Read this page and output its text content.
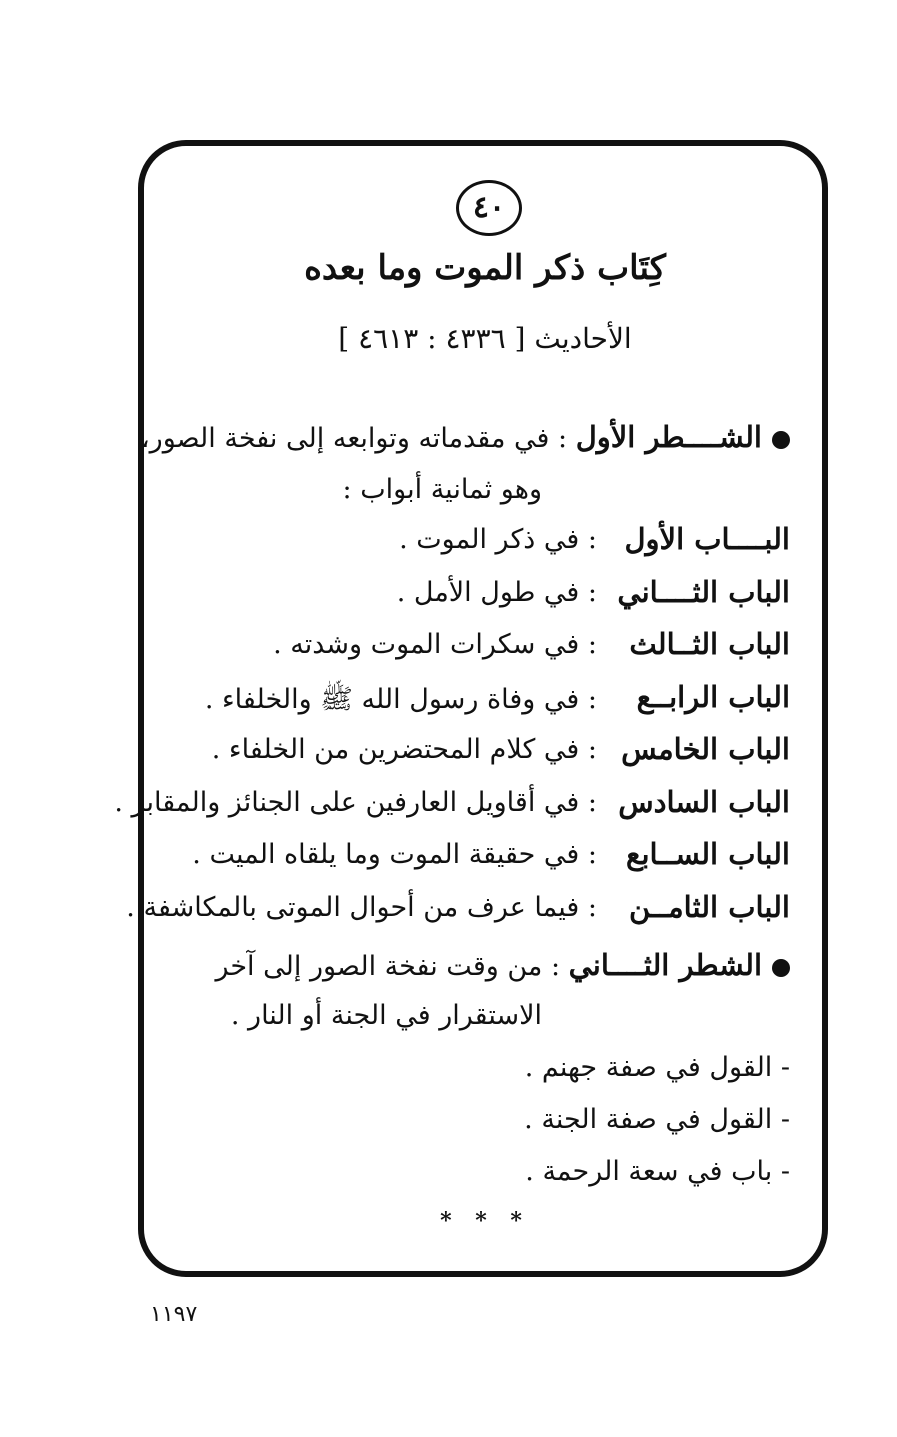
٤٠
كِتَاب ذكر الموت وما بعده
الأحاديث [ ٤٣٣٦ : ٤٦١٣ ]
الشــــطر الأول : في مقدماته وتوابعه إلى نفخة الصور،
وهو ثمانية أبواب :
البــــاب الأول
: في ذكر الموت .
الباب الثــــاني
: في طول الأمل .
الباب الثــالث
: في سكرات الموت وشدته .
الباب الرابــع
: في وفاة رسول الله ﷺ والخلفاء .
الباب الخامس
: في كلام المحتضرين من الخلفاء .
الباب السادس
: في أقاويل العارفين على الجنائز والمقابر .
الباب الســابع
: في حقيقة الموت وما يلقاه الميت .
الباب الثامــن
: فيما عرف من أحوال الموتى بالمكاشفة .
الشطر الثــــاني : من وقت نفخة الصور إلى آخر
الاستقرار في الجنة أو النار .
- القول في صفة جهنم .
- القول في صفة الجنة .
- باب في سعة الرحمة .
* * *
١١٩٧
